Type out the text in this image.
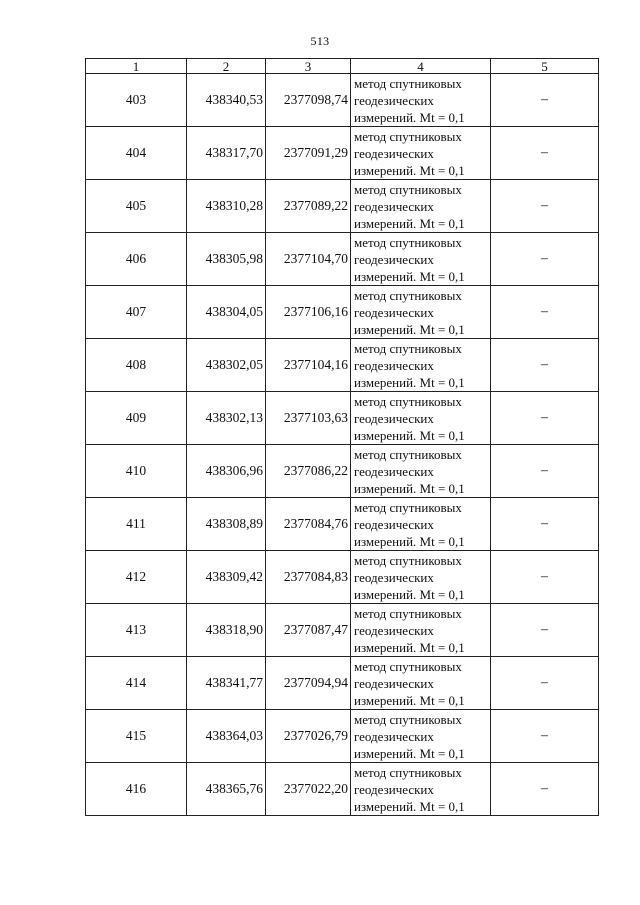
513
1	2	3	4	5
403	438340,53	2377098,74	метод спутниковых геодезических измерений. Mt = 0,1	–
404	438317,70	2377091,29	метод спутниковых геодезических измерений. Mt = 0,1	–
405	438310,28	2377089,22	метод спутниковых геодезических измерений. Mt = 0,1	–
406	438305,98	2377104,70	метод спутниковых геодезических измерений. Mt = 0,1	–
407	438304,05	2377106,16	метод спутниковых геодезических измерений. Mt = 0,1	–
408	438302,05	2377104,16	метод спутниковых геодезических измерений. Mt = 0,1	–
409	438302,13	2377103,63	метод спутниковых геодезических измерений. Mt = 0,1	–
410	438306,96	2377086,22	метод спутниковых геодезических измерений. Mt = 0,1	–
411	438308,89	2377084,76	метод спутниковых геодезических измерений. Mt = 0,1	–
412	438309,42	2377084,83	метод спутниковых геодезических измерений. Mt = 0,1	–
413	438318,90	2377087,47	метод спутниковых геодезических измерений. Mt = 0,1	–
414	438341,77	2377094,94	метод спутниковых геодезических измерений. Mt = 0,1	–
415	438364,03	2377026,79	метод спутниковых геодезических измерений. Mt = 0,1	–
416	438365,76	2377022,20	метод спутниковых геодезических измерений. Mt = 0,1	–
